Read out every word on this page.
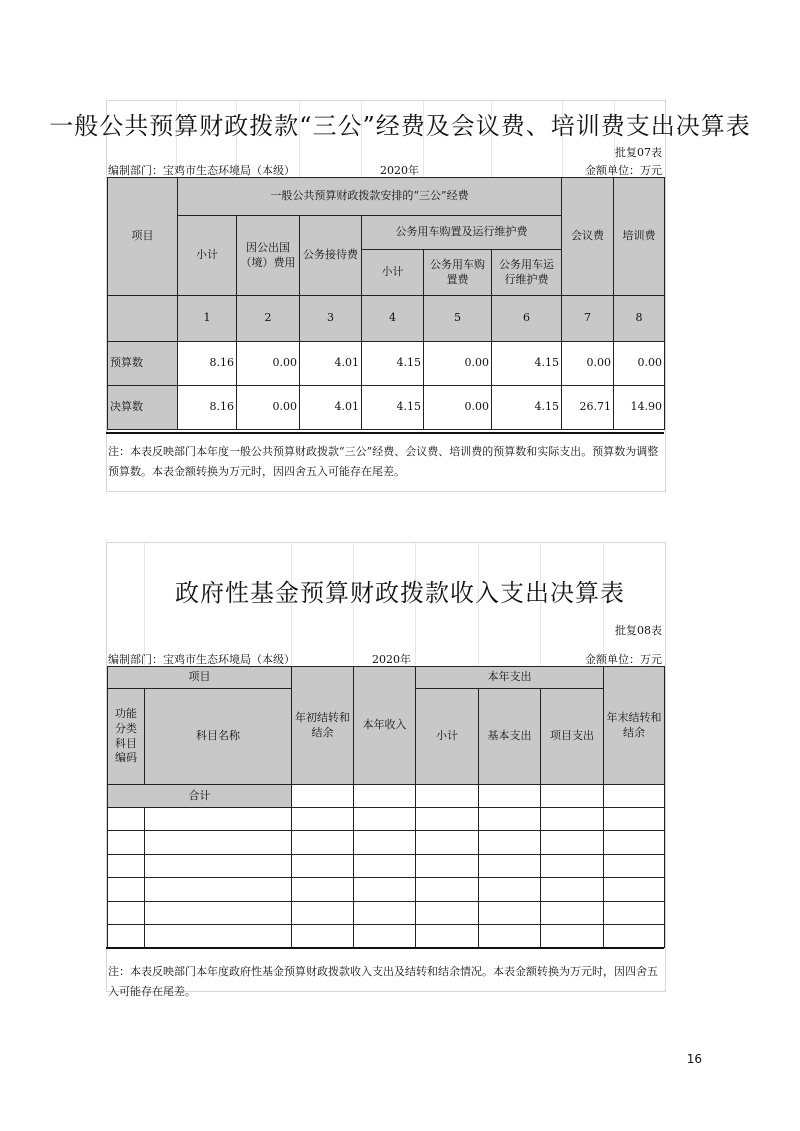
一般公共预算财政拨款“三公”经费及会议费、培训费支出决算表
批复07表
编制部门：宝鸡市生态环境局（本级）	2020年	金额单位：万元
项目	一般公共预算财政拨款安排的“三公”经费						会议费	培训费
	小计	因公出国（境）费用	公务接待费	公务用车购置及运行维护费				
				小计	公务用车购置费	公务用车运行维护费		
	1	2	3	4	5	6	7	8
预算数	8.16	0.00	4.01	4.15	0.00	4.15	0.00	0.00
决算数	8.16	0.00	4.01	4.15	0.00	4.15	26.71	14.90
注：本表反映部门本年度一般公共预算财政拨款“三公”经费、会议费、培训费的预算数和实际支出。预算数为调整预算数。本表金额转换为万元时，因四舍五入可能存在尾差。
政府性基金预算财政拨款收入支出决算表
批复08表
编制部门：宝鸡市生态环境局（本级）	2020年	金额单位：万元
项目		年初结转和结余	本年收入	本年支出			年末结转和结余
功能分类科目编码	科目名称			小计	基本支出	项目支出	
合计							

注：本表反映部门本年度政府性基金预算财政拨款收入支出及结转和结余情况。本表金额转换为万元时，因四舍五入可能存在尾差。
16
